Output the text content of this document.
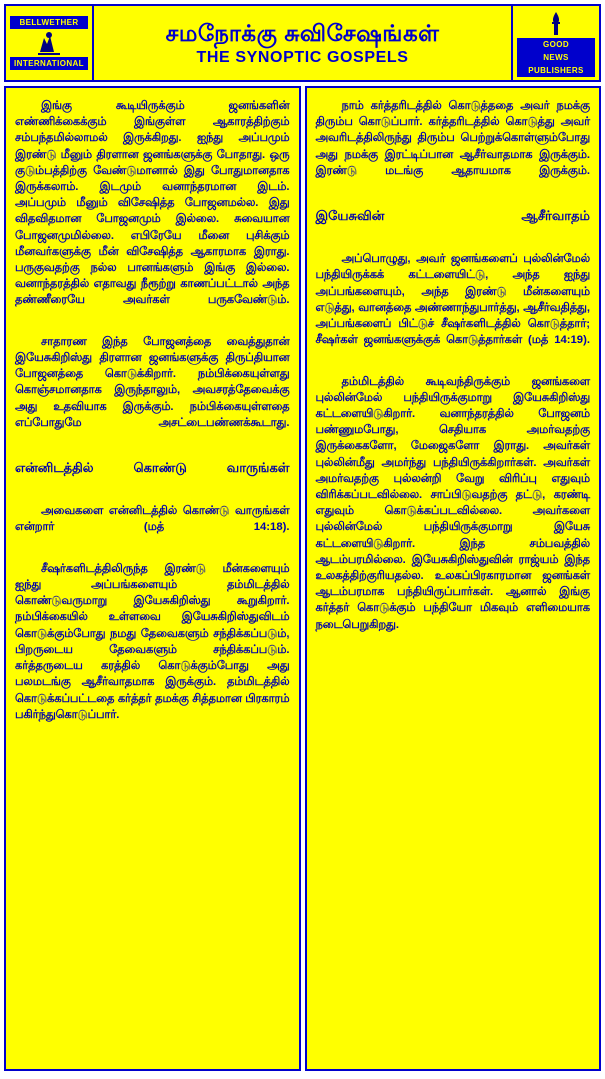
BELLWETHER
INTERNATIONAL
சமநோக்கு சுவிசேஷங்கள்
THE SYNOPTIC GOSPELS
GOOD
NEWS
PUBLISHERS

இங்கு கூடியிருக்கும் ஜனங்களின் எண்ணிக்கைக்கும் இங்குள்ள ஆகாரத்திற்கும் சம்பந்தமில்லாமல் இருக்கிறது. ஐந்து அப்பமும் இரண்டு மீனும் திரளான ஜனங்களுக்கு போதாது. ஒரு குடும்பத்திற்கு வேண்டுமானால் இது போதுமானதாக இருக்கலாம். இடமும் வனாந்தரமான இடம். அப்பமும் மீனும் விசேஷித்த போஜனமல்ல. இது விதவிதமான போஜனமும் இல்லை. சுவையான போஜனமுமில்லை. எபிரேயே மீனை புசிக்கும் மீனவர்களுக்கு மீன் விசேஷித்த ஆகாரமாக இராது. பருகுவதற்கு நல்ல பானங்களும் இங்கு இல்லை. வனாந்தரத்தில் எதாவது நீரூற்று காணப்பட்டால் அந்த தண்ணீரையே அவர்கள் பருகவேண்டும்.

சாதாரண இந்த போஜனத்தை வைத்துதான் இயேசுகிறிஸ்து திரளான ஜனங்களுக்கு திருப்தியான போஜனத்தை கொடுக்கிறார். நம்பிக்கையுள்ளது கொஞ்சமானதாக இருந்தாலும், அவசரத்தேவைக்கு அது உதவியாக இருக்கும். நம்பிக்கையுள்ளதை எப்போதுமே அசட்டைபண்ணக்கூடாது.

என்னிடத்தில் கொண்டு வாருங்கள்

அவைகளை என்னிடத்தில் கொண்டு வாருங்கள் என்றார் (மத் 14:18).

சீஷர்களிடத்திலிருந்த இரண்டு மீன்களையும் ஐந்து அப்பங்களையும் தம்மிடத்தில் கொண்டுவருமாறு இயேசுகிறிஸ்து கூறுகிறார். நம்பிக்கையில் உள்ளவை இயேசுகிறிஸ்துவிடம் கொடுக்கும்போது நமது தேவைகளும் சந்திக்கப்படும், பிறருடைய தேவைகளும் சந்திக்கப்படும். கர்த்தருடைய கரத்தில் கொடுக்கும்போது அது பலமடங்கு ஆசீர்வாதமாக இருக்கும். தம்மிடத்தில் கொடுக்கப்பட்டதை கர்த்தர் தமக்கு சித்தமான பிரகாரம் பகிர்ந்துகொடுப்பார்.

நாம் கர்த்தரிடத்தில் கொடுத்ததை அவர் நமக்கு திரும்ப கொடுப்பார். கர்த்தரிடத்தில் கொடுத்து அவர் அவரிடத்திலிருந்து திரும்ப பெற்றுக்கொள்ளும்போது அது நமக்கு இரட்டிப்பான ஆசீர்வாதமாக இருக்கும். இரண்டு மடங்கு ஆதாயமாக இருக்கும்.

இயேசுவின் ஆசீர்வாதம்

அப்பொழுது, அவர் ஜனங்களைப் புல்லின்மேல் பந்தியிருக்கக் கட்டளையிட்டு, அந்த ஐந்து அப்பங்களையும், அந்த இரண்டு மீன்களையும் எடுத்து, வானத்தை அண்ணாந்துபார்த்து, ஆசீர்வதித்து, அப்பங்களைப் பிட்டுச் சீஷர்களிடத்தில் கொடுத்தார்; சீஷர்கள் ஜனங்களுக்குக் கொடுத்தார்கள் (மத் 14:19).

தம்மிடத்தில் கூடிவந்திருக்கும் ஜனங்களை புல்லின்மேல் பந்தியிருக்குமாறு இயேசுகிறிஸ்து கட்டளையிடுகிறார். வனாந்தரத்தில் போஜனம் பண்ணுமபோது, செதியாக அமர்வதற்கு இருக்கைகளோ, மேஜைகளோ இராது. அவர்கள் புல்லின்மீது அமர்ந்து பந்தியிருக்கிறார்கள். அவர்கள் அமர்வதற்கு புல்லன்றி வேறு விரிப்பு எதுவும் விரிக்கப்படவில்லை. சாப்பிடுவதற்கு தட்டு, கரண்டி எதுவும் கொடுக்கப்படவில்லை. அவர்களை புல்லின்மேல் பந்தியிருக்குமாறு இயேசு கட்டளையிடுகிறார். இந்த சம்பவத்தில் ஆடம்பரமில்லை. இயேசுகிறிஸ்துவின் ராஜ்யம் இந்த உலகத்திற்குரியதல்ல. உலகப்பிரகாரமான ஜனங்கள் ஆடம்பரமாக பந்தியிருப்பார்கள். ஆனால் இங்கு கர்த்தர் கொடுக்கும் பந்தியோ மிகவும் எளிமையாக நடைபெறுகிறது.
